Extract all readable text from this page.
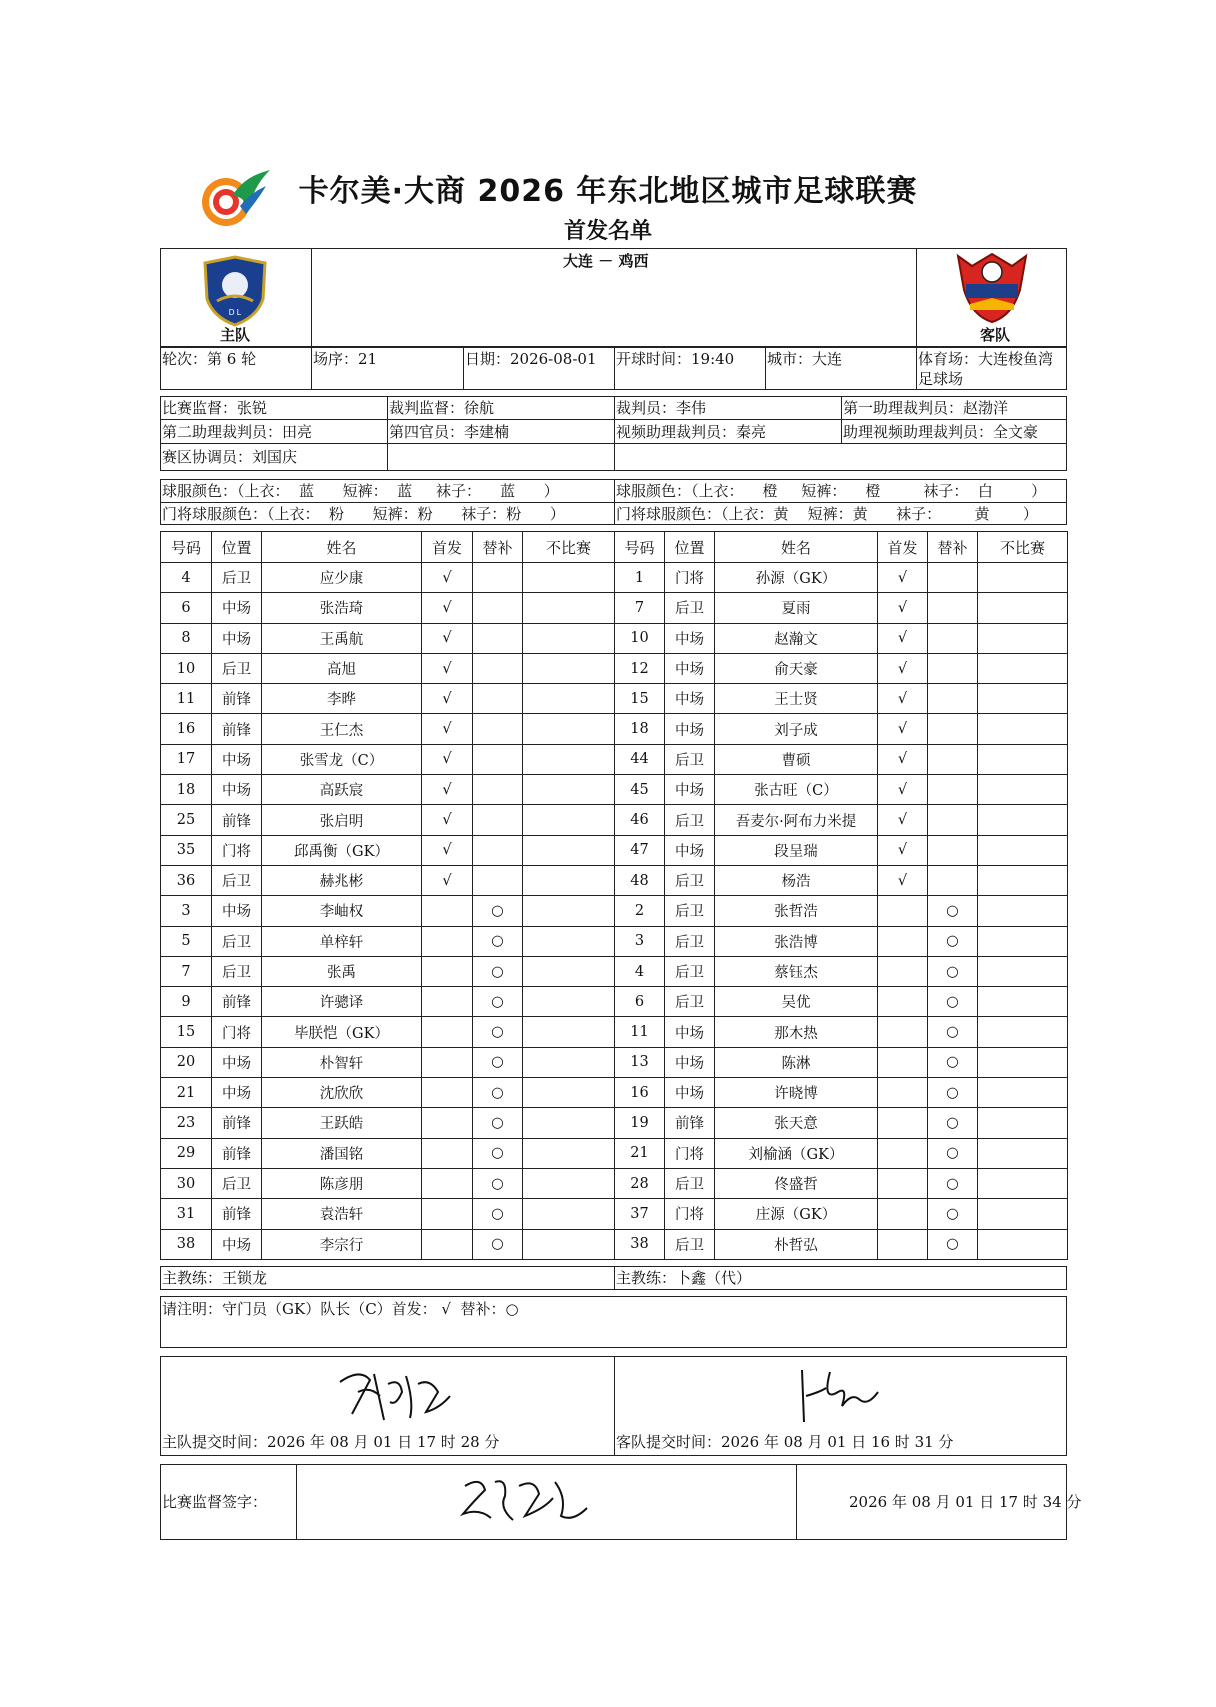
卡尔美·大商 2026 年东北地区城市足球联赛
首发名单
D L
主队
大连 － 鸡西
客队
轮次：第 6 轮	场序：21	日期：2026-08-01 开球时间：19:40 城市：大连	体育场：大连梭鱼湾
足球场
比赛监督：张锐	裁判监督：徐航	裁判员：李伟	第一助理裁判员：赵渤洋
第二助理裁判员：田亮	第四官员：李建楠	视频助理裁判员：秦亮	助理视频助理裁判员：全文豪
赛区协调员：刘国庆
球服颜色：（上衣：  蓝      短裤：  蓝     袜子：    蓝      ）
门将球服颜色：（上衣：  粉      短裤：粉      袜子：粉      ）
球服颜色：（上衣：    橙     短裤：    橙         袜子：  白        ）
门将球服颜色：（上衣：黄    短裤：黄      袜子：       黄       ）
号码	位置	姓名	首发	替补	不比赛
4	后卫	应少康	√		
6	中场	张浩琦	√		
8	中场	王禹航	√		
10	后卫	高旭	√		
11	前锋	李晔	√		
16	前锋	王仁杰	√		
17	中场	张雪龙（C）	√		
18	中场	高跃宸	√		
25	前锋	张启明	√		
35	门将	邱禹衡（GK）	√		
36	后卫	赫兆彬	√		
3	中场	李岫权		○	
5	后卫	单梓轩		○	
7	后卫	张禹		○	
9	前锋	许骢译		○	
15	门将	毕朕恺（GK）		○	
20	中场	朴智轩		○	
21	中场	沈欣欣		○	
23	前锋	王跃皓		○	
29	前锋	潘国铭		○	
30	后卫	陈彦朋		○	
31	前锋	袁浩轩		○	
38	中场	李宗行		○	
号码	位置	姓名	首发	替补	不比赛
1	门将	孙源（GK）	√		
7	后卫	夏雨	√		
10	中场	赵瀚文	√		
12	中场	俞天豪	√		
15	中场	王士贤	√		
18	中场	刘子成	√		
44	后卫	曹硕	√		
45	中场	张古旺（C）	√		
46	后卫	吾麦尔·阿布力米提	√		
47	中场	段呈瑞	√		
48	后卫	杨浩	√		
2	后卫	张哲浩		○	
3	后卫	张浩博		○	
4	后卫	蔡钰杰		○	
6	后卫	吴优		○	
11	中场	那木热		○	
13	中场	陈淋		○	
16	中场	许晓博		○	
19	前锋	张天意		○	
21	门将	刘榆涵（GK）		○	
28	后卫	佟盛哲		○	
37	门将	庄源（GK）		○	
38	后卫	朴哲弘		○	
主教练：王锁龙	主教练：卜鑫（代）
请注明：守门员（GK）队长（C）首发： √  替补：○
主队提交时间：2026 年 08 月 01 日 17 时 28 分	客队提交时间：2026 年 08 月 01 日 16 时 31 分
比赛监督签字：	2026 年 08 月 01 日 17 时 34 分
